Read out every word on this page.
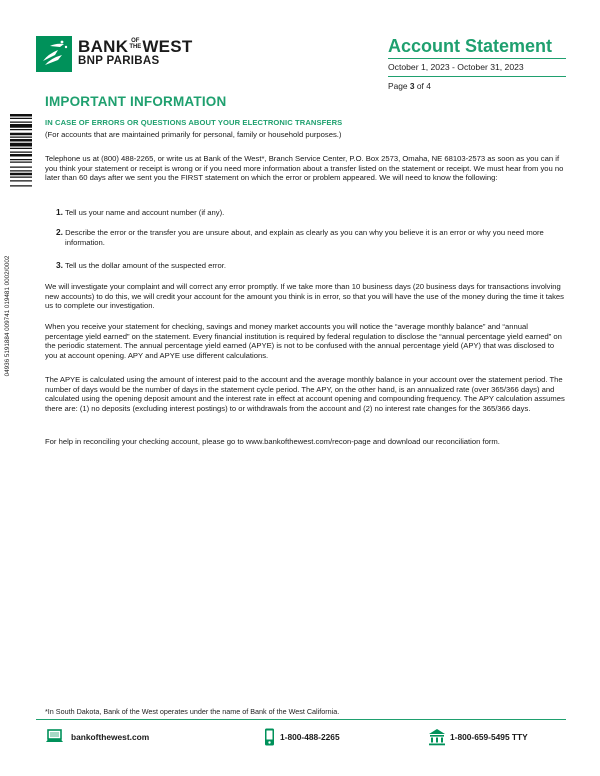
BANK OF
THE WEST
BNP PARIBAS
Account Statement
October 1, 2023 - October 31, 2023
Page 3 of 4
04936 5191884 009741 019481 0002/0002
IMPORTANT INFORMATION
IN CASE OF ERRORS OR QUESTIONS ABOUT YOUR ELECTRONIC TRANSFERS
(For accounts that are maintained primarily for personal, family or household purposes.)
Telephone us at (800) 488-2265, or write us at Bank of the West*, Branch Service Center, P.O. Box 2573, Omaha, NE 68103-2573 as soon as you can if you think your statement or receipt is wrong or if you need more information about a transfer listed on the statement or receipt. We must hear from you no later than 60 days after we sent you the FIRST statement on which the error or problem appeared. We will need to know the following:
1. Tell us your name and account number (if any).
2. Describe the error or the transfer you are unsure about, and explain as clearly as you can why you believe it is an error or why you need more information.
3. Tell us the dollar amount of the suspected error.
We will investigate your complaint and will correct any error promptly. If we take more than 10 business days (20 business days for transactions involving new accounts) to do this, we will credit your account for the amount you think is in error, so that you will have the use of the money during the time it takes us to complete our investigation.
When you receive your statement for checking, savings and money market accounts you will notice the “average monthly balance” and “annual percentage yield earned” on the statement. Every financial institution is required by federal regulation to disclose the “annual percentage yield earned” on the periodic statement. The annual percentage yield earned (APYE) is not to be confused with the annual percentage yield (APY) that was disclosed to you at account opening. APY and APYE use different calculations.
The APYE is calculated using the amount of interest paid to the account and the average monthly balance in your account over the statement period. The number of days would be the number of days in the statement cycle period. The APY, on the other hand, is an annualized rate (over 365/366 days) and calculated using the opening deposit amount and the interest rate in effect at account opening and compounding frequency. The APY calculation assumes there are: (1) no deposits (excluding interest postings) to or withdrawals from the account and (2) no interest rate changes for the 365/366 days.
For help in reconciling your checking account, please go to www.bankofthewest.com/recon-page and download our reconciliation form.
*In South Dakota, Bank of the West operates under the name of Bank of the West California.
bankofthewest.com	1-800-488-2265	1-800-659-5495 TTY
